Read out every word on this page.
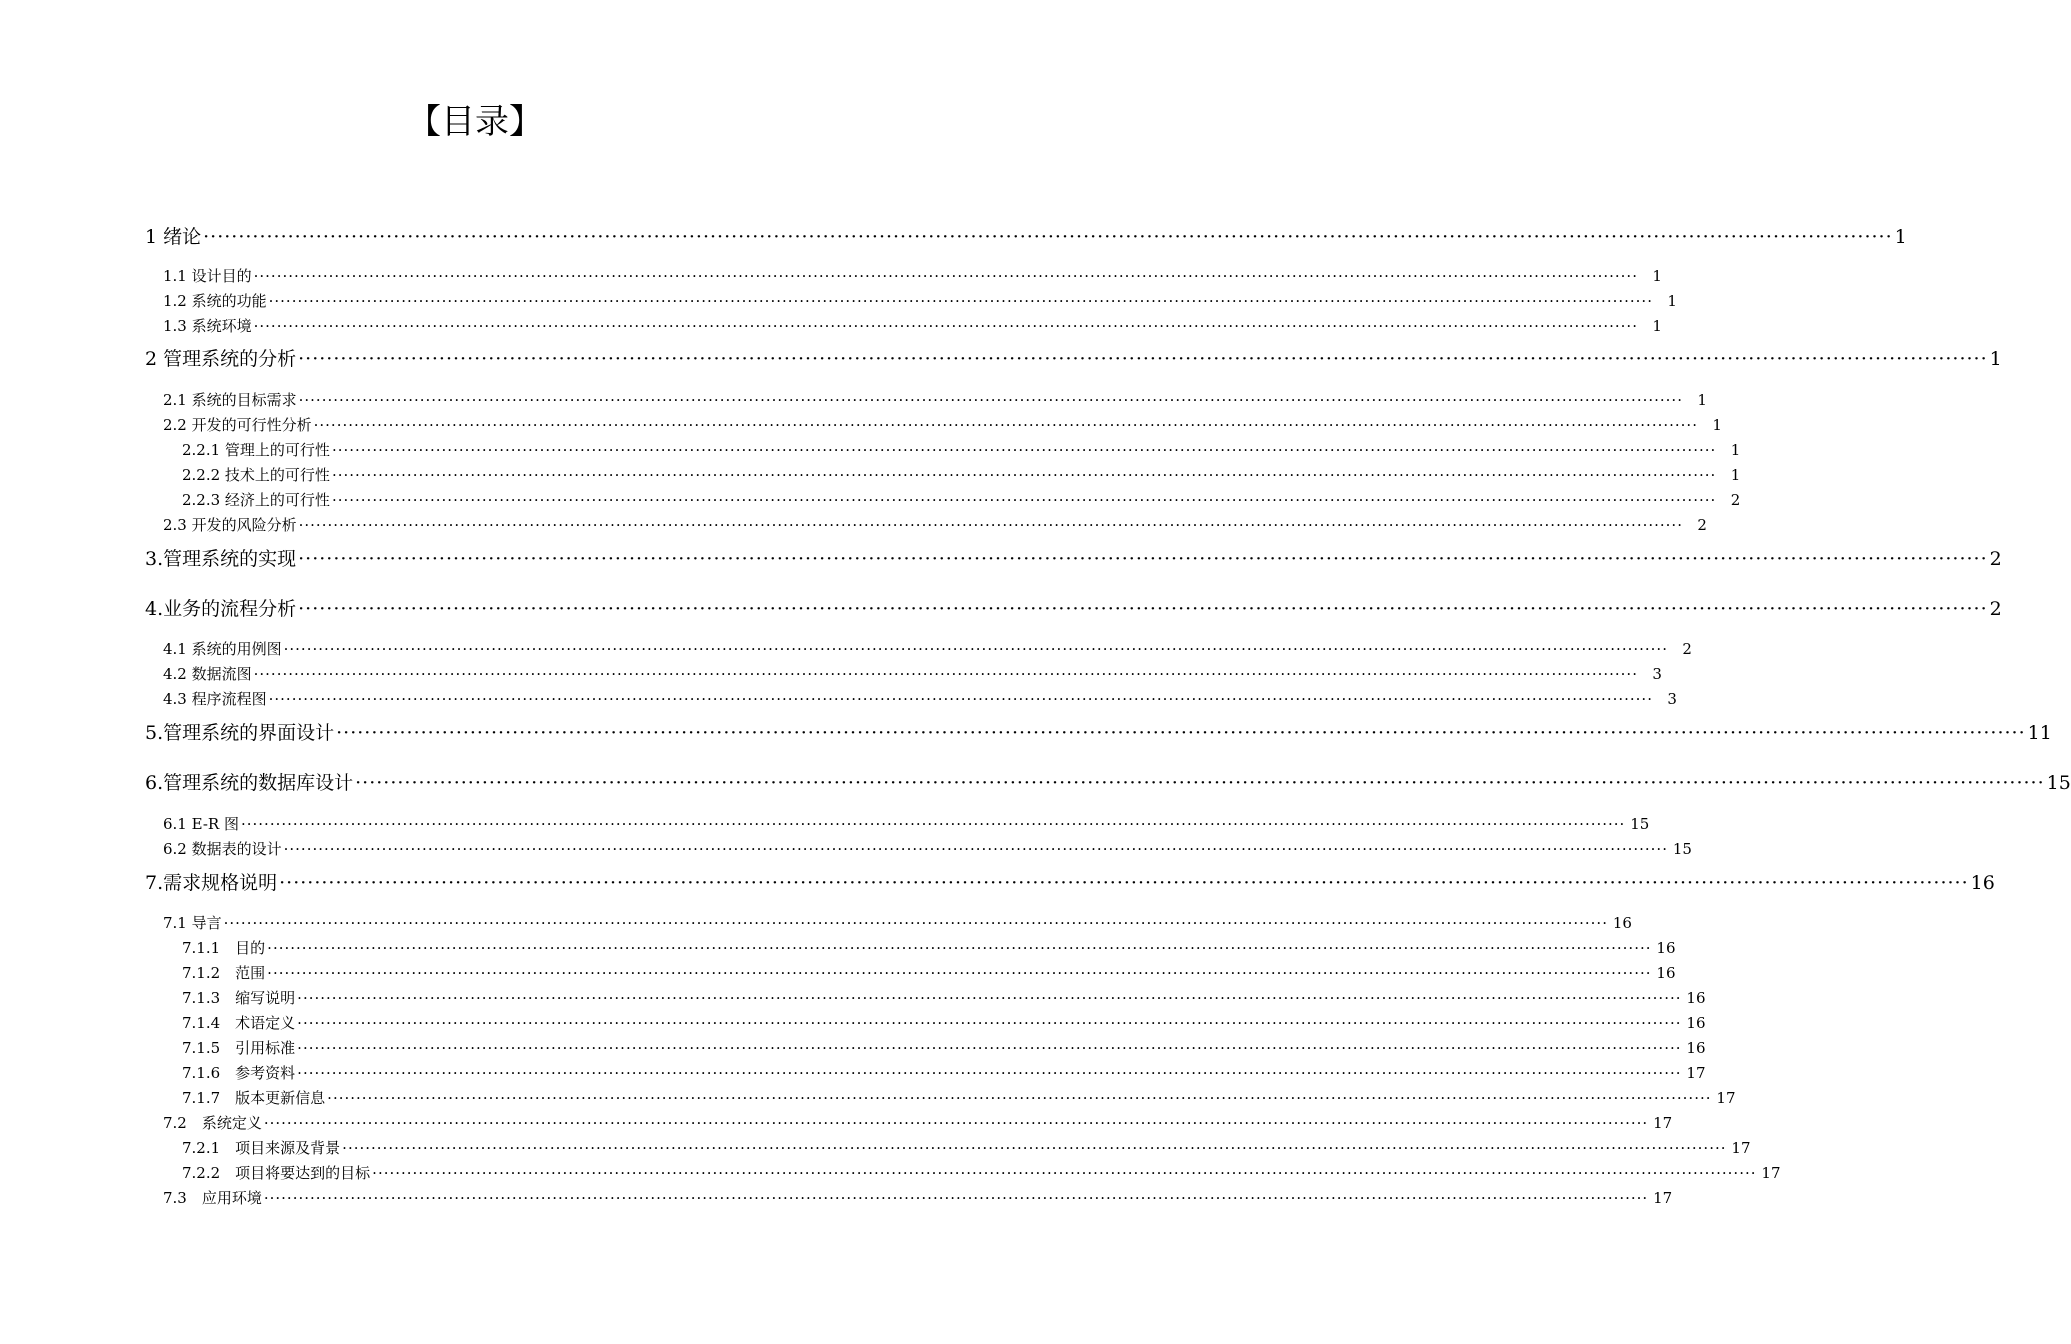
【目录】
1 绪论 ················································································································································································································································ 1
1.1 设计目的 ················································································································································································································································ 1
1.2 系统的功能 ················································································································································································································································ 1
1.3 系统环境 ················································································································································································································································ 1
2 管理系统的分析 ················································································································································································································································ 1
2.1 系统的目标需求 ················································································································································································································································ 1
2.2 开发的可行性分析 ················································································································································································································································ 1
2.2.1 管理上的可行性 ················································································································································································································································ 1
2.2.2 技术上的可行性 ················································································································································································································································ 1
2.2.3 经济上的可行性 ················································································································································································································································ 2
2.3 开发的风险分析 ················································································································································································································································ 2
3.管理系统的实现 ················································································································································································································································ 2
4.业务的流程分析 ················································································································································································································································ 2
4.1 系统的用例图 ················································································································································································································································ 2
4.2 数据流图 ················································································································································································································································ 3
4.3 程序流程图 ················································································································································································································································ 3
5.管理系统的界面设计 ················································································································································································································································ 11
6.管理系统的数据库设计 ················································································································································································································································ 15
6.1 E-R 图 ················································································································································································································································ 15
6.2 数据表的设计 ················································································································································································································································ 15
7.需求规格说明 ················································································································································································································································ 16
7.1 导言 ················································································································································································································································ 16
7.1.1　目的 ················································································································································································································································ 16
7.1.2　范围 ················································································································································································································································ 16
7.1.3　缩写说明 ················································································································································································································································ 16
7.1.4　术语定义 ················································································································································································································································ 16
7.1.5　引用标准 ················································································································································································································································ 16
7.1.6　参考资料 ················································································································································································································································ 17
7.1.7　版本更新信息 ················································································································································································································································ 17
7.2　系统定义 ················································································································································································································································ 17
7.2.1　项目来源及背景 ················································································································································································································································ 17
7.2.2　项目将要达到的目标 ················································································································································································································································ 17
7.3　应用环境 ················································································································································································································································ 17
